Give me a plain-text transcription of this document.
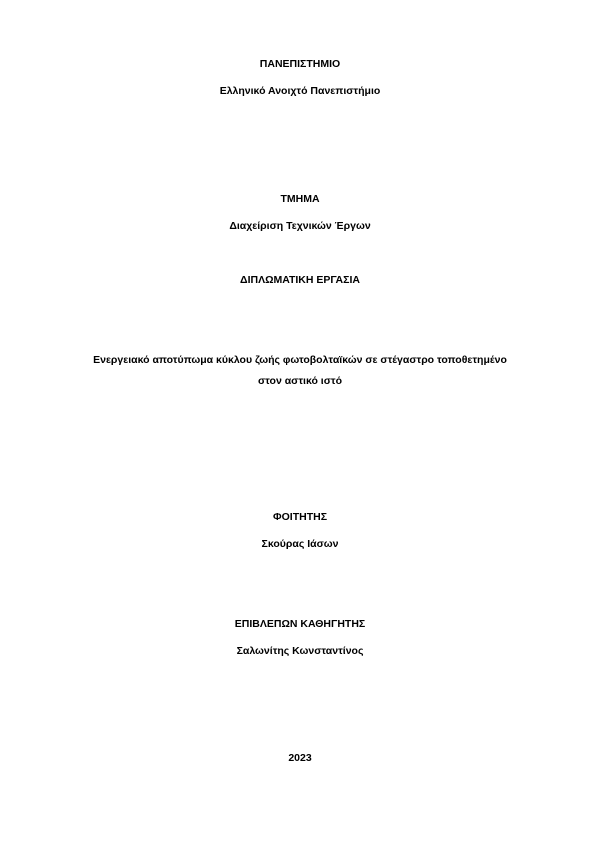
ΠΑΝΕΠΙΣΤΗΜΙΟ
Ελληνικό Ανοιχτό Πανεπιστήμιο
ΤΜΗΜΑ
Διαχείριση Τεχνικών Έργων
ΔΙΠΛΩΜΑΤΙΚΗ ΕΡΓΑΣΙΑ
Ενεργειακό αποτύπωμα κύκλου ζωής φωτοβολταϊκών σε στέγαστρο τοποθετημένο
στον αστικό ιστό
ΦΟΙΤΗΤΗΣ
Σκούρας Ιάσων
ΕΠΙΒΛΕΠΩΝ ΚΑΘΗΓΗΤΗΣ
Σαλωνίτης Κωνσταντίνος
2023
